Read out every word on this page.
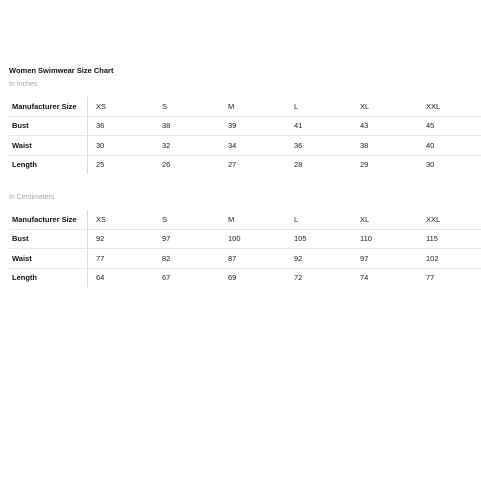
Women Swimwear Size Chart
In Inches
Manufacturer Size	XS	S	M	L	XL	XXL
Bust	36	38	39	41	43	45
Waist	30	32	34	36	38	40
Length	25	26	27	28	29	30
In Centimeters
Manufacturer Size	XS	S	M	L	XL	XXL
Bust	92	97	100	105	110	115
Waist	77	82	87	92	97	102
Length	64	67	69	72	74	77
